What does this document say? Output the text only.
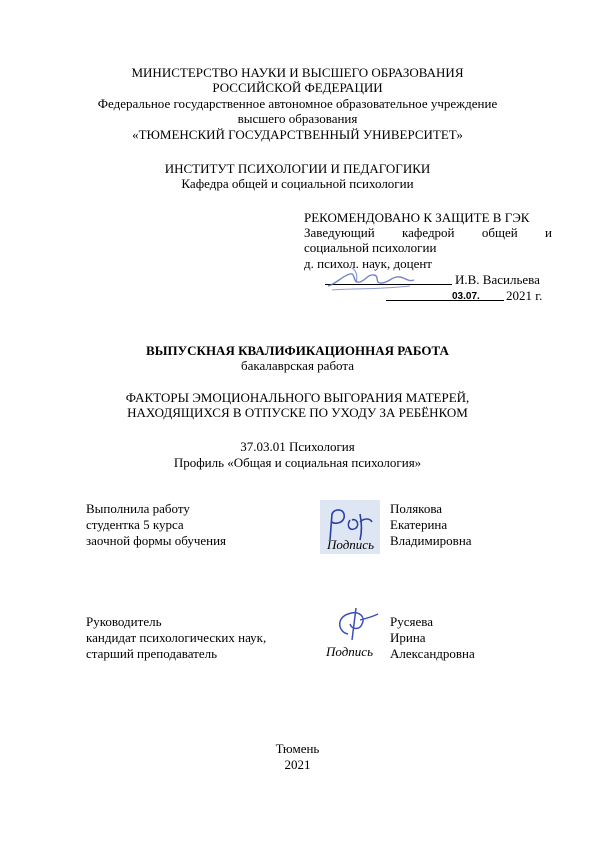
МИНИСТЕРСТВО НАУКИ И ВЫСШЕГО ОБРАЗОВАНИЯ
РОССИЙСКОЙ ФЕДЕРАЦИИ
Федеральное государственное автономное образовательное учреждение
высшего образования
«ТЮМЕНСКИЙ ГОСУДАРСТВЕННЫЙ УНИВЕРСИТЕТ»
ИНСТИТУТ ПСИХОЛОГИИ И ПЕДАГОГИКИ
Кафедра общей и социальной психологии
РЕКОМЕНДОВАНО К ЗАЩИТЕ В ГЭК
Заведующий кафедрой общей и
социальной психологии
д. психол. наук, доцент
И.В. Васильева
03.07. 2021 г.
ВЫПУСКНАЯ КВАЛИФИКАЦИОННАЯ РАБОТА
бакалаврская работа
ФАКТОРЫ ЭМОЦИОНАЛЬНОГО ВЫГОРАНИЯ МАТЕРЕЙ,
НАХОДЯЩИХСЯ В ОТПУСКЕ ПО УХОДУ ЗА РЕБЁНКОМ
37.03.01 Психология
Профиль «Общая и социальная психология»
Выполнила работу
студентка 5 курса
заочной формы обучения	Подпись
Полякова
Екатерина
Владимировна
Руководитель
кандидат психологических наук,
старший преподаватель	Подпись
Русяева
Ирина
Александровна
Тюмень
2021
